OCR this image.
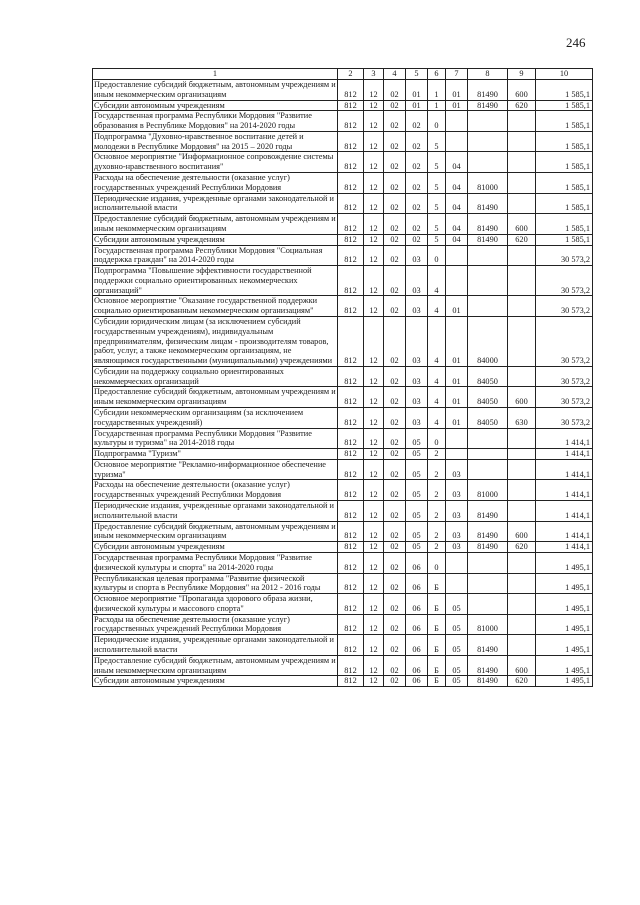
246
1	2	3	4	5	6	7	8	9	10
Предоставление субсидий бюджетным, автономным учреждениям и иным некоммерческим организациям	812	12	02	01	1	01	81490	600	1 585,1
Субсидии автономным учреждениям	812	12	02	01	1	01	81490	620	1 585,1
Государственная программа Республики Мордовия "Развитие образования в Республике Мордовия" на 2014-2020 годы	812	12	02	02	0				1 585,1
Подпрограмма "Духовно-нравственное воспитание детей и молодежи в Республике Мордовия" на 2015 – 2020 годы	812	12	02	02	5				1 585,1
Основное мероприятие "Информационное сопровождение системы духовно-нравственного воспитания"	812	12	02	02	5	04			1 585,1
Расходы на обеспечение деятельности (оказание услуг) государственных учреждений Республики Мордовия	812	12	02	02	5	04	81000		1 585,1
Периодические издания, учрежденные органами законодательной и исполнительной власти	812	12	02	02	5	04	81490		1 585,1
Предоставление субсидий бюджетным, автономным учреждениям и иным некоммерческим организациям	812	12	02	02	5	04	81490	600	1 585,1
Субсидии автономным учреждениям	812	12	02	02	5	04	81490	620	1 585,1
Государственная программа Республики Мордовия "Социальная поддержка граждан" на 2014-2020 годы	812	12	02	03	0				30 573,2
Подпрограмма "Повышение эффективности государственной поддержки социально ориентированных некоммерческих организаций"	812	12	02	03	4				30 573,2
Основное мероприятие "Оказание государственной поддержки социально ориентированным некоммерческим организациям"	812	12	02	03	4	01			30 573,2
Субсидии юридическим лицам (за исключением субсидий государственным учреждениям), индивидуальным предпринимателям, физическим лицам - производителям товаров, работ, услуг, а также некоммерческим организациям, не являющимся государственными (муниципальными) учреждениями	812	12	02	03	4	01	84000		30 573,2
Субсидии на поддержку социально ориентированных некоммерческих организаций	812	12	02	03	4	01	84050		30 573,2
Предоставление субсидий бюджетным, автономным учреждениям и иным некоммерческим организациям	812	12	02	03	4	01	84050	600	30 573,2
Субсидии некоммерческим организациям (за исключением государственных учреждений)	812	12	02	03	4	01	84050	630	30 573,2
Государственная программа Республики Мордовия "Развитие культуры и туризма" на 2014-2018 годы	812	12	02	05	0				1 414,1
Подпрограмма "Туризм"	812	12	02	05	2				1 414,1
Основное мероприятие "Рекламно-информационное обеспечение туризма"	812	12	02	05	2	03			1 414,1
Расходы на обеспечение деятельности (оказание услуг) государственных учреждений Республики Мордовия	812	12	02	05	2	03	81000		1 414,1
Периодические издания, учрежденные органами законодательной и исполнительной власти	812	12	02	05	2	03	81490		1 414,1
Предоставление субсидий бюджетным, автономным учреждениям и иным некоммерческим организациям	812	12	02	05	2	03	81490	600	1 414,1
Субсидии автономным учреждениям	812	12	02	05	2	03	81490	620	1 414,1
Государственная программа Республики Мордовия "Развитие физической культуры и спорта" на 2014-2020 годы	812	12	02	06	0				1 495,1
Республиканская целевая программа "Развитие физической культуры и спорта в Республике Мордовия" на 2012 - 2016 годы	812	12	02	06	Б				1 495,1
Основное мероприятие "Пропаганда здорового образа жизни, физической культуры и массового спорта"	812	12	02	06	Б	05			1 495,1
Расходы на обеспечение деятельности (оказание услуг) государственных учреждений Республики Мордовия	812	12	02	06	Б	05	81000		1 495,1
Периодические издания, учрежденные органами законодательной и исполнительной власти	812	12	02	06	Б	05	81490		1 495,1
Предоставление субсидий бюджетным, автономным учреждениям и иным некоммерческим организациям	812	12	02	06	Б	05	81490	600	1 495,1
Субсидии автономным учреждениям	812	12	02	06	Б	05	81490	620	1 495,1
